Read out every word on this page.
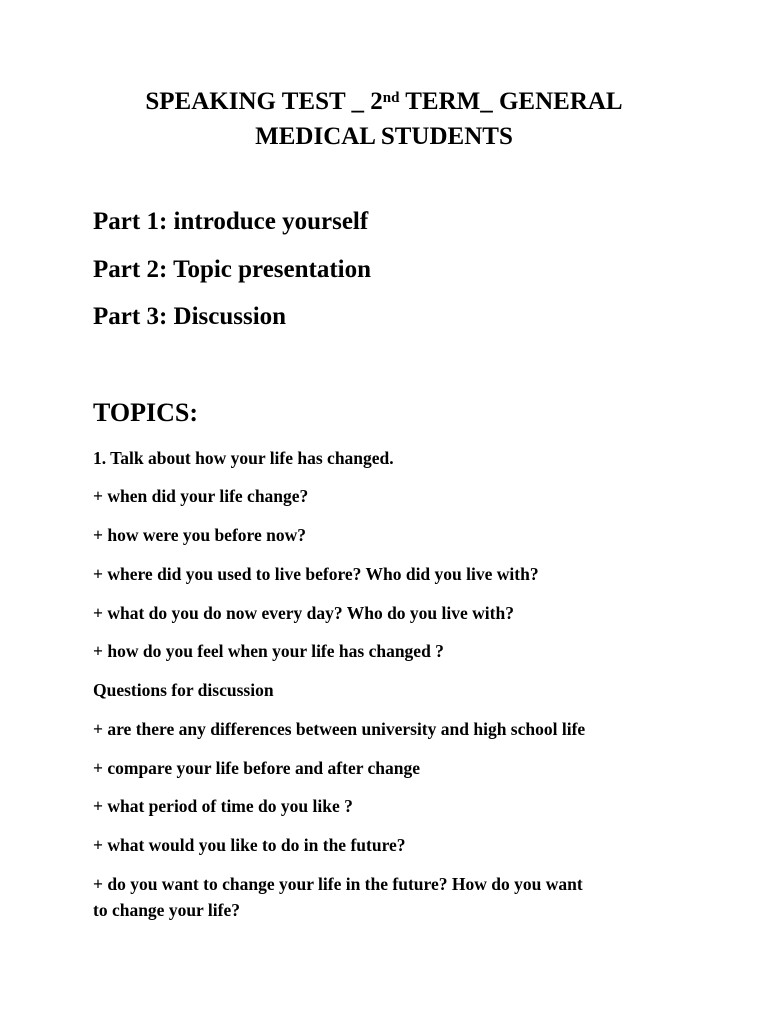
SPEAKING TEST _ 2nd TERM_ GENERAL
MEDICAL STUDENTS
Part 1: introduce yourself
Part 2: Topic presentation
Part 3: Discussion
TOPICS:
1. Talk about how your life has changed.
+ when did your life change?
+ how were you before now?
+ where did you used to live before? Who did you live with?
+ what do you do now every day? Who do you live with?
+ how do you feel when your life has changed ?
Questions for discussion
+ are there any differences between university and high school life
+ compare your life before and after change
+ what period of time do you like ?
+ what would you like to do in the future?
+ do you want to change your life in the future? How do you want
to change your life?
